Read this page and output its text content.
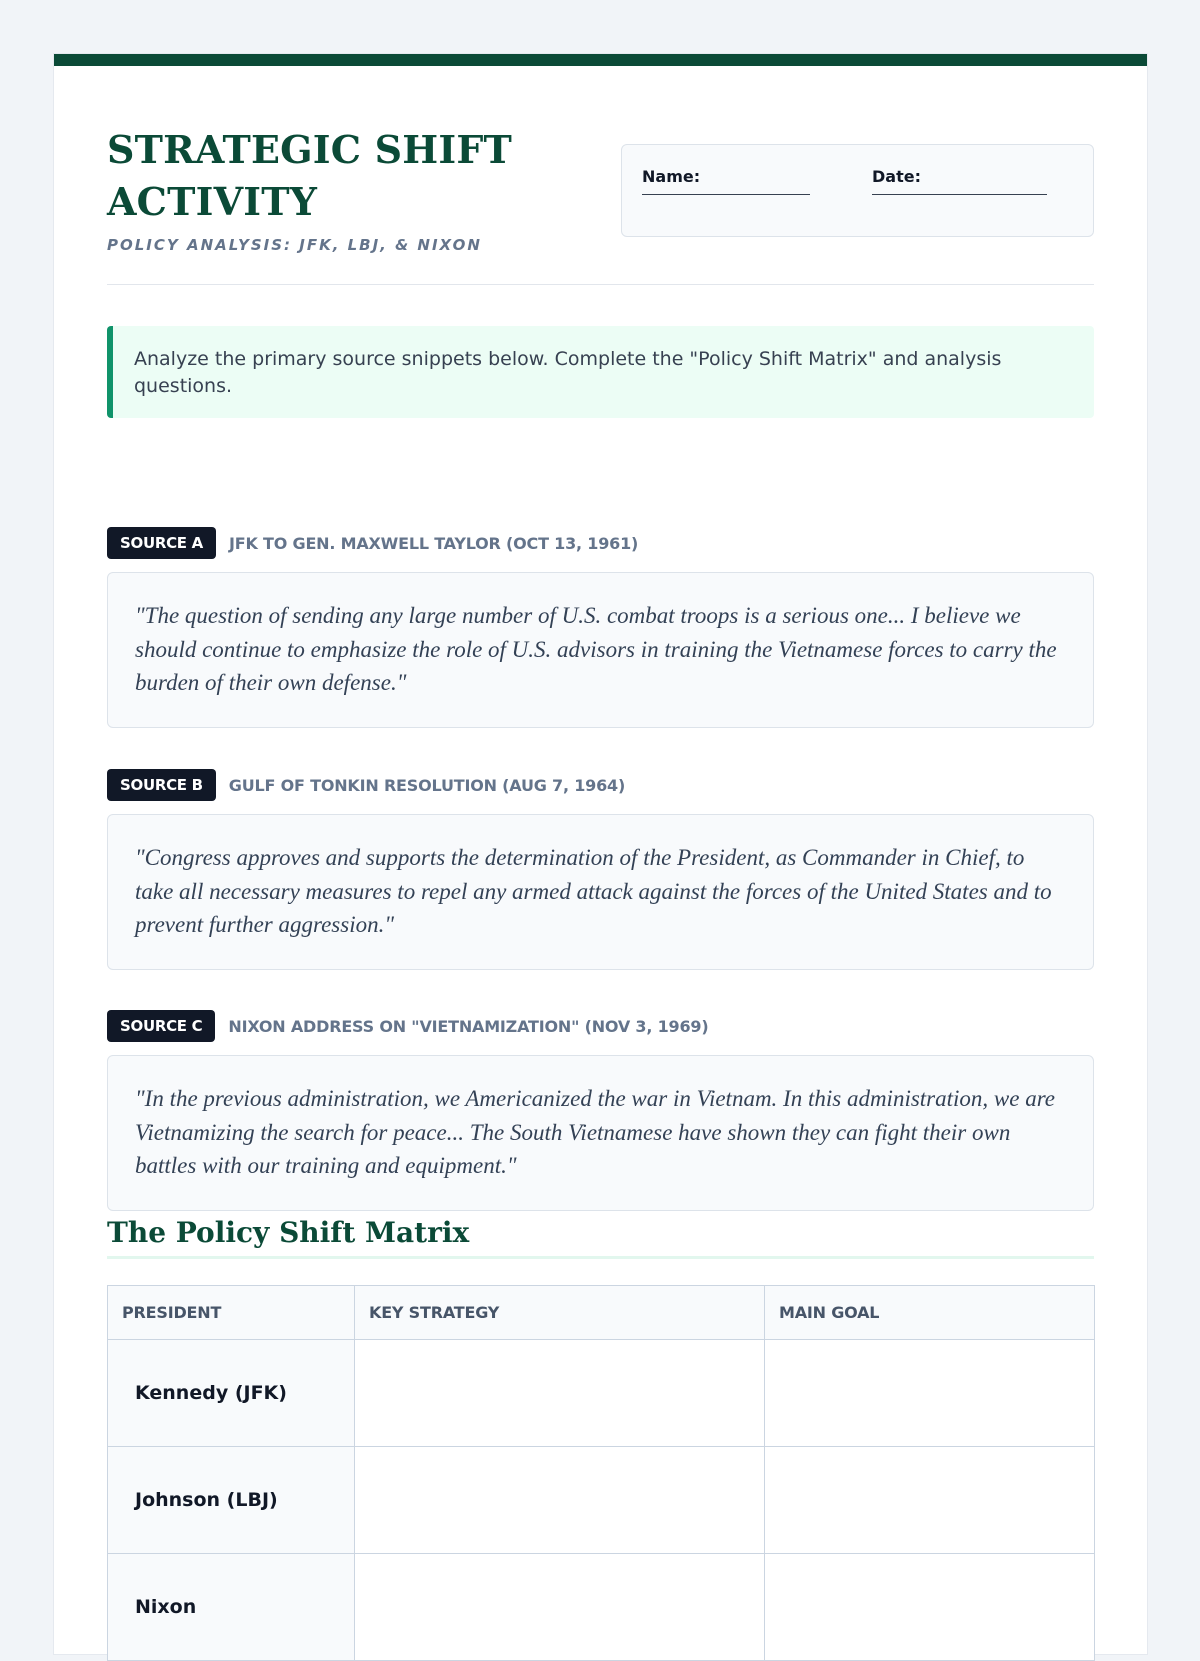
STRATEGIC SHIFT ACTIVITY
POLICY ANALYSIS: JFK, LBJ, & NIXON
Name:	Date:
Analyze the primary source snippets below. Complete the "Policy Shift Matrix" and analysis questions.
SOURCE A	JFK TO GEN. MAXWELL TAYLOR (OCT 13, 1961)
"The question of sending any large number of U.S. combat troops is a serious one... I believe we should continue to emphasize the role of U.S. advisors in training the Vietnamese forces to carry the burden of their own defense."
SOURCE B	GULF OF TONKIN RESOLUTION (AUG 7, 1964)
"Congress approves and supports the determination of the President, as Commander in Chief, to take all necessary measures to repel any armed attack against the forces of the United States and to prevent further aggression."
SOURCE C	NIXON ADDRESS ON "VIETNAMIZATION" (NOV 3, 1969)
"In the previous administration, we Americanized the war in Vietnam. In this administration, we are Vietnamizing the search for peace... The South Vietnamese have shown they can fight their own battles with our training and equipment."
The Policy Shift Matrix
PRESIDENT	KEY STRATEGY	MAIN GOAL
Kennedy (JFK)		
Johnson (LBJ)		
Nixon		
